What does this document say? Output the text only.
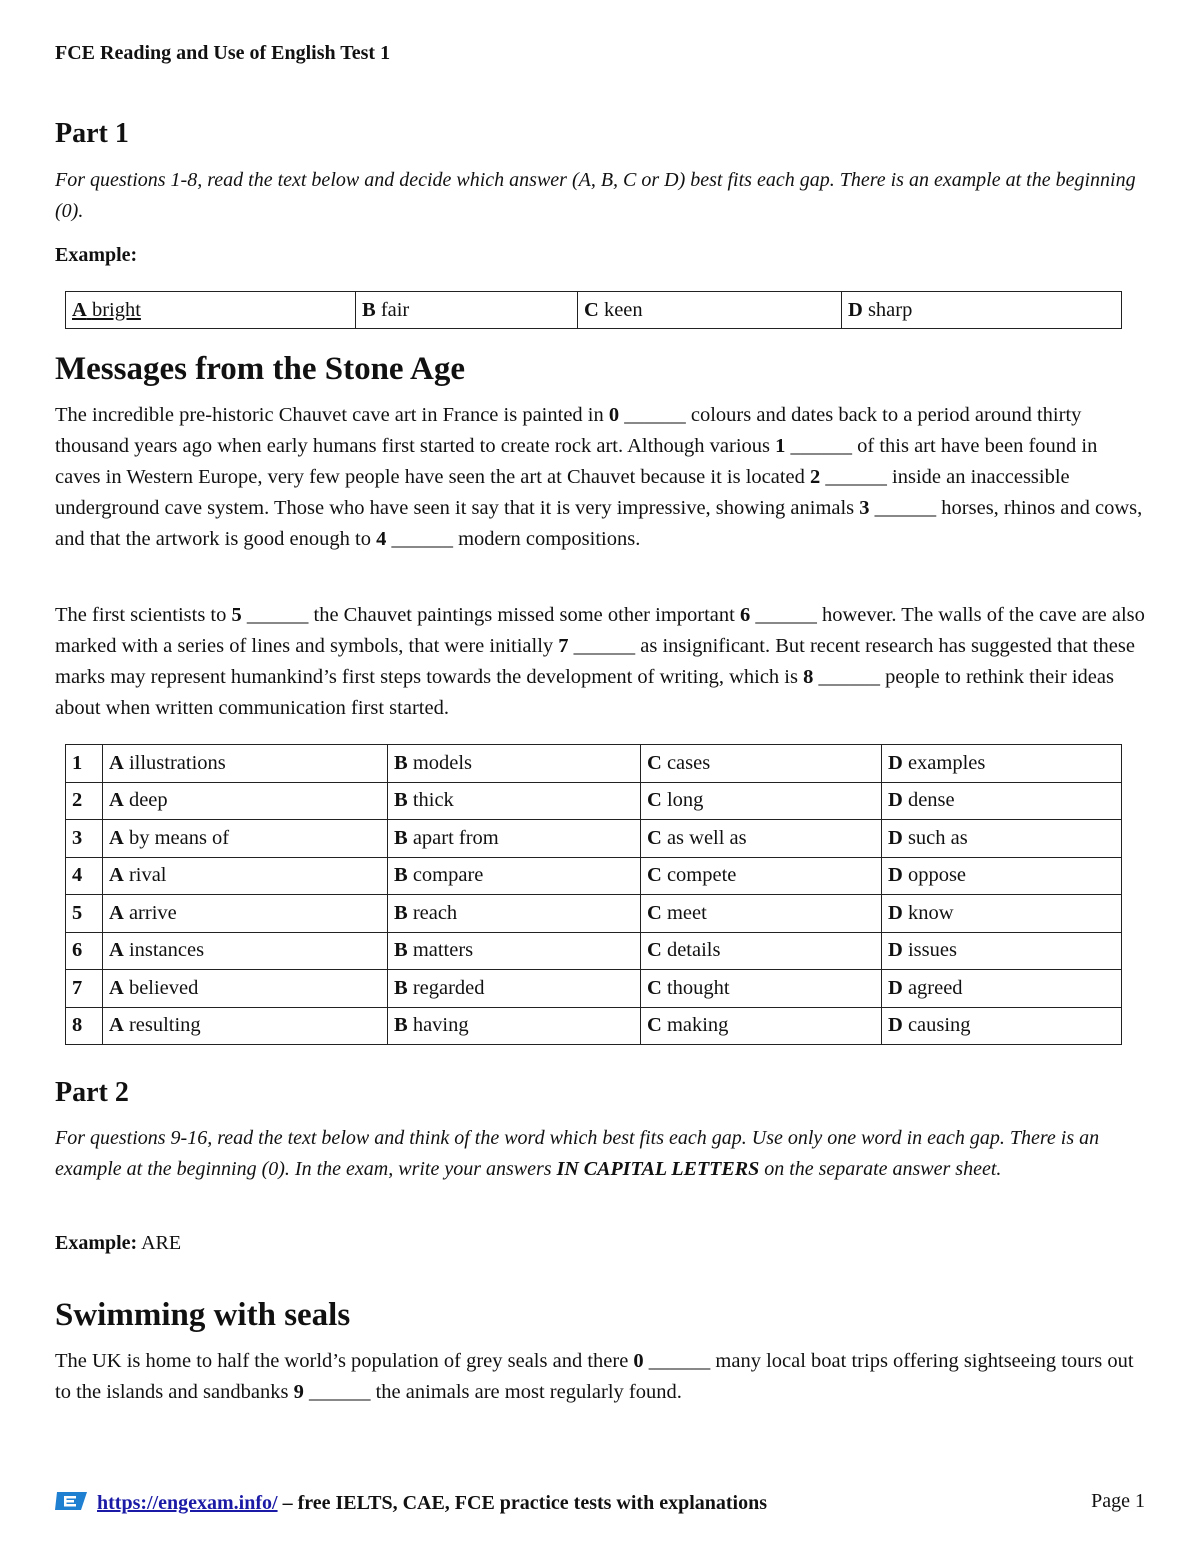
FCE Reading and Use of English Test 1
Part 1

For questions 1-8, read the text below and decide which answer (A, B, C or D) best fits each gap. There is an example at the beginning (0).

Example:
A bright	B fair	C keen	D sharp
Messages from the Stone Age

The incredible pre-historic Chauvet cave art in France is painted in 0 ______ colours and dates back to a period around thirty thousand years ago when early humans first started to create rock art. Although various 1 ______ of this art have been found in caves in Western Europe, very few people have seen the art at Chauvet because it is located 2 ______ inside an inaccessible underground cave system. Those who have seen it say that it is very impressive, showing animals 3 ______ horses, rhinos and cows, and that the artwork is good enough to 4 ______ modern compositions.

The first scientists to 5 ______ the Chauvet paintings missed some other important 6 ______ however. The walls of the cave are also marked with a series of lines and symbols, that were initially 7 ______ as insignificant. But recent research has suggested that these marks may represent humankind’s first steps towards the development of writing, which is 8 ______ people to rethink their ideas about when written communication first started.

1	A illustrations	B models	C cases	D examples
2	A deep	B thick	C long	D dense
3	A by means of	B apart from	C as well as	D such as
4	A rival	B compare	C compete	D oppose
5	A arrive	B reach	C meet	D know
6	A instances	B matters	C details	D issues
7	A believed	B regarded	C thought	D agreed
8	A resulting	B having	C making	D causing
Part 2

For questions 9-16, read the text below and think of the word which best fits each gap. Use only one word in each gap. There is an example at the beginning (0). In the exam, write your answers IN CAPITAL LETTERS on the separate answer sheet.

Example: ARE
Swimming with seals

The UK is home to half the world’s population of grey seals and there 0 ______ many local boat trips offering sightseeing tours out to the islands and sandbanks 9 ______ the animals are most regularly found.

https://engexam.info/ – free IELTS, CAE, FCE practice tests with explanations	Page 1
